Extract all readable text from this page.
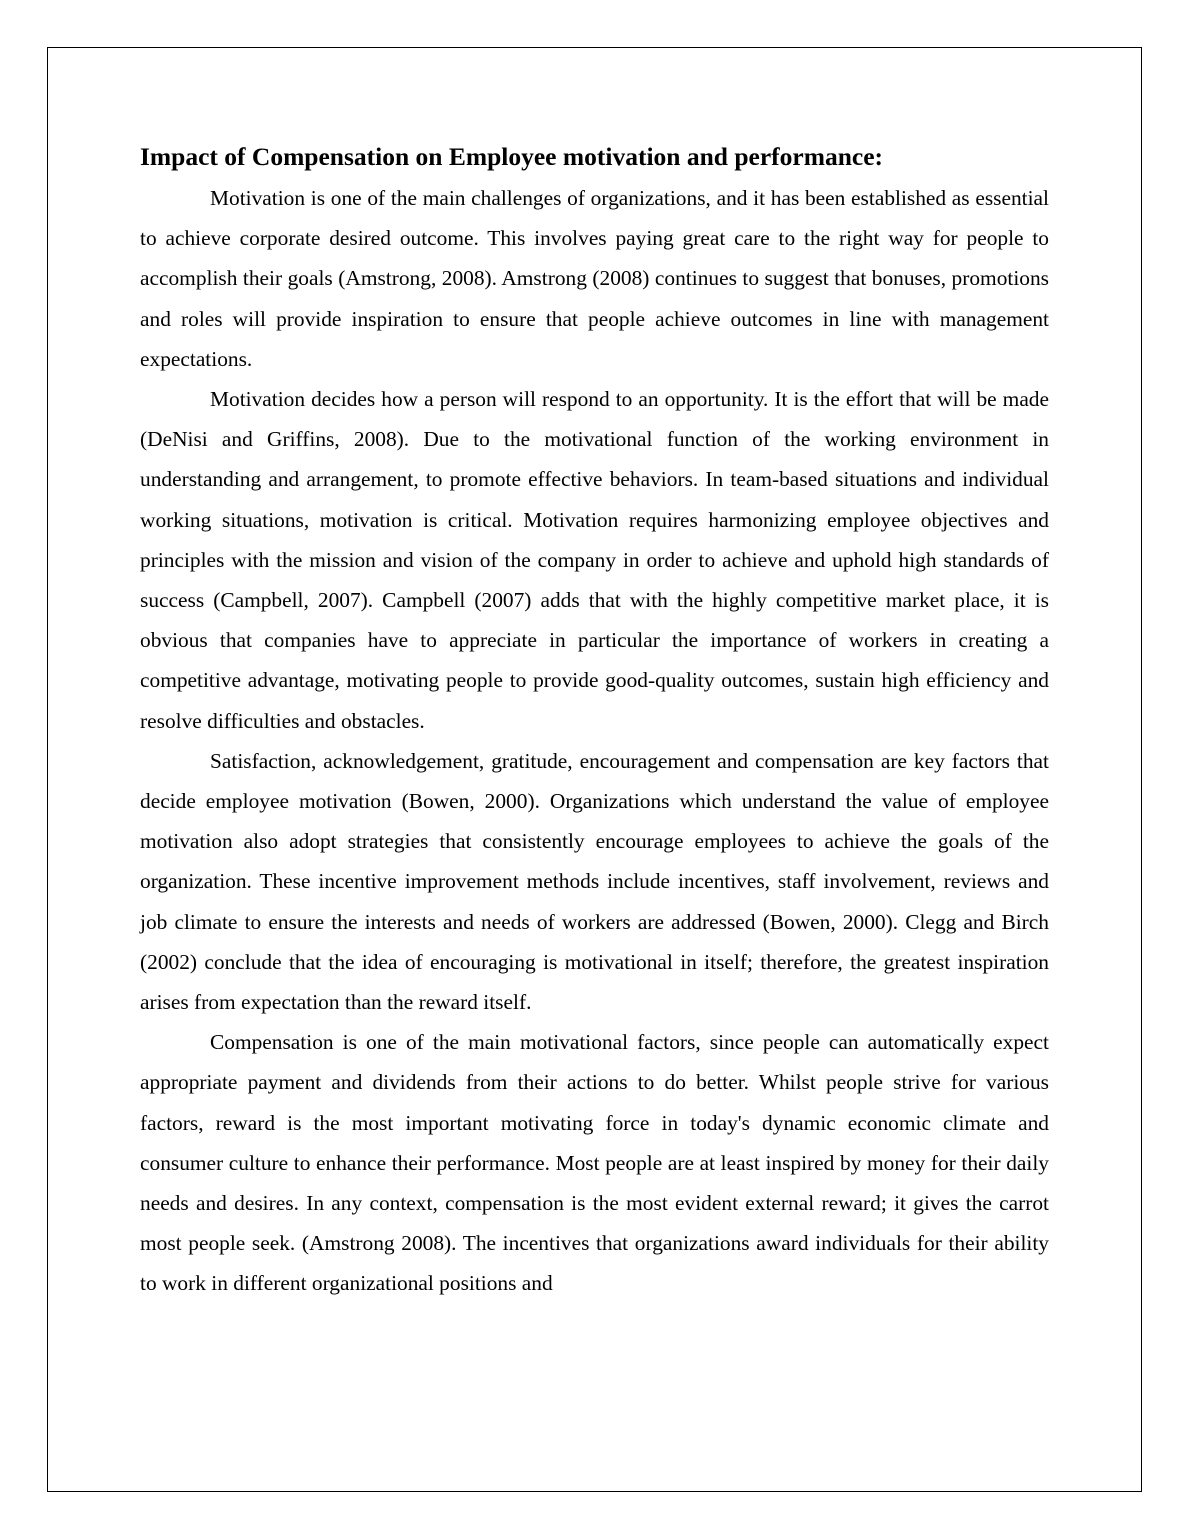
Impact of Compensation on Employee motivation and performance:

Motivation is one of the main challenges of organizations, and it has been established as essential to achieve corporate desired outcome. This involves paying great care to the right way for people to accomplish their goals (Amstrong, 2008). Amstrong (2008) continues to suggest that bonuses, promotions and roles will provide inspiration to ensure that people achieve outcomes in line with management expectations.

Motivation decides how a person will respond to an opportunity. It is the effort that will be made (DeNisi and Griffins, 2008). Due to the motivational function of the working environment in understanding and arrangement, to promote effective behaviors. In team-based situations and individual working situations, motivation is critical. Motivation requires harmonizing employee objectives and principles with the mission and vision of the company in order to achieve and uphold high standards of success (Campbell, 2007). Campbell (2007) adds that with the highly competitive market place, it is obvious that companies have to appreciate in particular the importance of workers in creating a competitive advantage, motivating people to provide good-quality outcomes, sustain high efficiency and resolve difficulties and obstacles.

Satisfaction, acknowledgement, gratitude, encouragement and compensation are key factors that decide employee motivation (Bowen, 2000). Organizations which understand the value of employee motivation also adopt strategies that consistently encourage employees to achieve the goals of the organization. These incentive improvement methods include incentives, staff involvement, reviews and job climate to ensure the interests and needs of workers are addressed (Bowen, 2000). Clegg and Birch (2002) conclude that the idea of encouraging is motivational in itself; therefore, the greatest inspiration arises from expectation than the reward itself.

Compensation is one of the main motivational factors, since people can automatically expect appropriate payment and dividends from their actions to do better. Whilst people strive for various factors, reward is the most important motivating force in today's dynamic economic climate and consumer culture to enhance their performance. Most people are at least inspired by money for their daily needs and desires. In any context, compensation is the most evident external reward; it gives the carrot most people seek. (Amstrong 2008). The incentives that organizations award individuals for their ability to work in different organizational positions and
